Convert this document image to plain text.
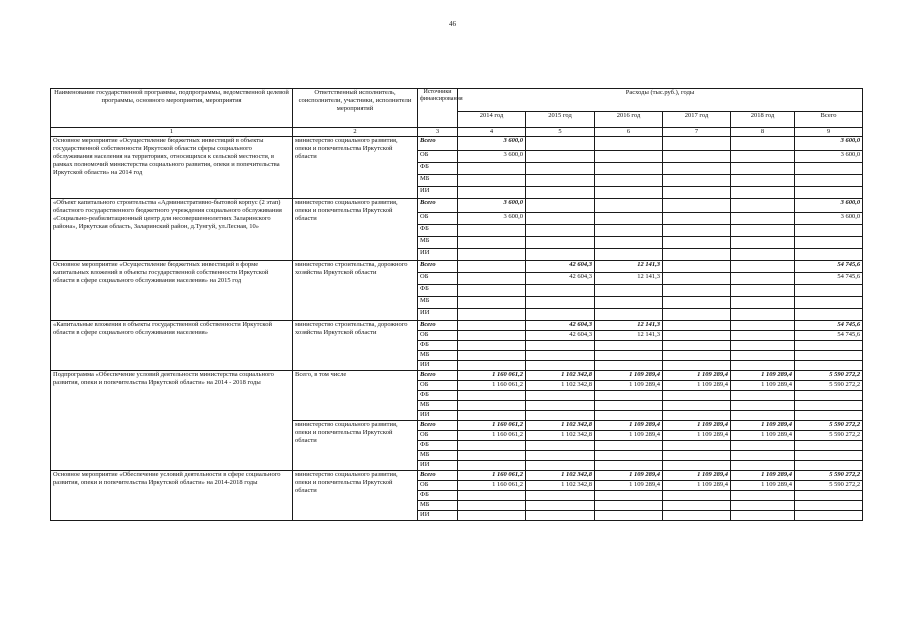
46
Наименование государственной программы, подпрограммы, ведомственной целевой программы, основного мероприятия, мероприятия	Ответственный исполнитель, соисполнители, участники, исполнители мероприятий	Источники финансирования	Расходы (тыс.руб.), годы					
			2014 год	2015 год	2016 год	2017 год	2018 год	Всего
1	2	3	4	5	6	7	8	9
Основное мероприятие «Осуществление бюджетных инвестиций в объекты государственной собственности Иркутской области сферы социального обслуживания населения на территориях, относящихся к сельской местности, в рамках полномочий министерства социального развития, опеки и попечительства Иркутской области» на 2014 год	министерство социального развития, опеки и попечительства Иркутской области	Всего	3 600,0					3 600,0
		ОБ	3 600,0					3 600,0
		ФБ						
		МБ						
		ИИ						
«Объект капитального строительства «Административно-бытовой корпус (2 этап) областного государственного бюджетного учреждения социального обслуживания «Социально-реабилитационный центр для несовершеннолетних Заларинского района», Иркутская область, Заларинский район, д.Тунгуй, ул.Лесная, 10»	министерство социального развития, опеки и попечительства Иркутской области	Всего	3 600,0					3 600,0
		ОБ	3 600,0					3 600,0
		ФБ						
		МБ						
		ИИ						
Основное мероприятие «Осуществление бюджетных инвестиций в форме капитальных вложений в объекты государственной собственности Иркутской области в сфере социального обслуживания населения» на 2015 год	министерство строительства, дорожного хозяйства Иркутской области	Всего		42 604,3	12 141,3			54 745,6
		ОБ		42 604,3	12 141,3			54 745,6
		ФБ						
		МБ						
		ИИ						
«Капитальные вложения в объекты государственной собственности Иркутской области в сфере социального обслуживания населения»	министерство строительства, дорожного хозяйства Иркутской области	Всего		42 604,3	12 141,3			54 745,6
		ОБ		42 604,3	12 141,3			54 745,6
		ФБ						
		МБ						
		ИИ						
Подпрограмма «Обеспечение условий деятельности министерства социального развития, опеки и попечительства Иркутской области» на 2014 - 2018 годы	Всего, в том числе	Всего	1 160 061,2	1 102 342,8	1 109 289,4	1 109 289,4	1 109 289,4	5 590 272,2
		ОБ	1 160 061,2	1 102 342,8	1 109 289,4	1 109 289,4	1 109 289,4	5 590 272,2
		ФБ						
		МБ						
		ИИ						
	министерство социального развития, опеки и попечительства Иркутской области	Всего	1 160 061,2	1 102 342,8	1 109 289,4	1 109 289,4	1 109 289,4	5 590 272,2
		ОБ	1 160 061,2	1 102 342,8	1 109 289,4	1 109 289,4	1 109 289,4	5 590 272,2
		ФБ						
		МБ						
		ИИ						
Основное мероприятие «Обеспечение условий деятельности в сфере социального развития, опеки и попечительства Иркутской области» на 2014-2018 годы	министерство социального развития, опеки и попечительства Иркутской области	Всего	1 160 061,2	1 102 342,8	1 109 289,4	1 109 289,4	1 109 289,4	5 590 272,2
		ОБ	1 160 061,2	1 102 342,8	1 109 289,4	1 109 289,4	1 109 289,4	5 590 272,2
		ФБ						
		МБ						
		ИИ						
